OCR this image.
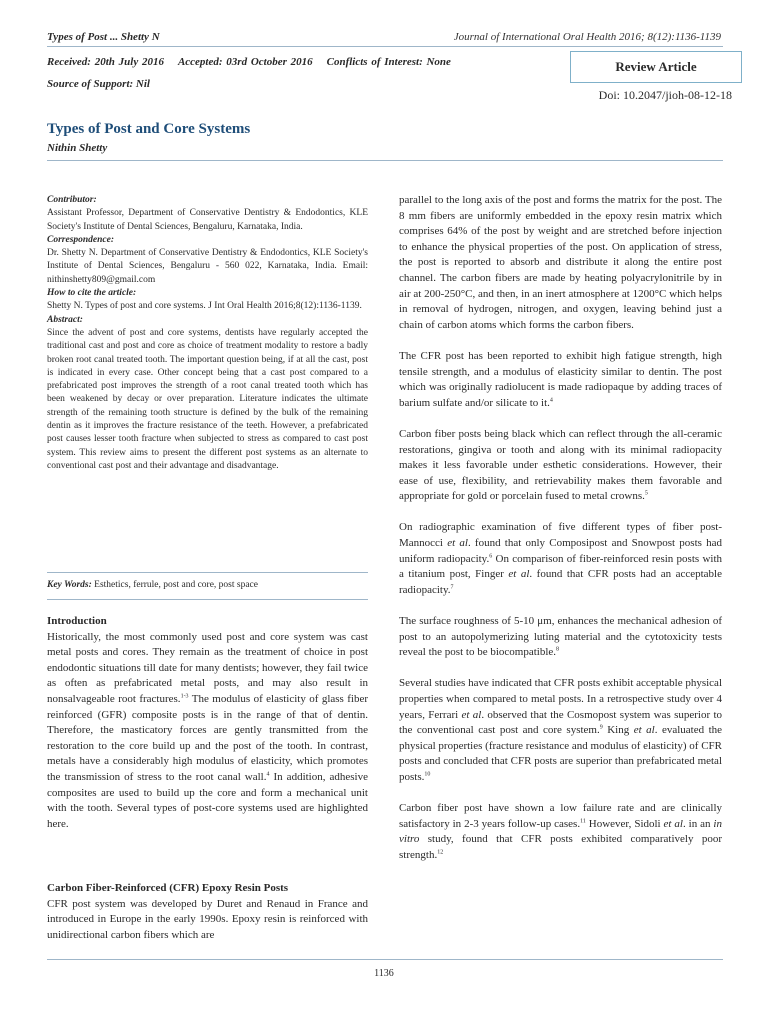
Types of Post ... Shetty N	Journal of International Oral Health 2016; 8(12):1136-1139
Received: 20th July 2016 Accepted: 03rd October 2016 Conflicts of Interest: None
Source of Support: Nil
Review Article
Doi: 10.2047/jioh-08-12-18
Types of Post and Core Systems
Nithin Shetty

Contributor:

Assistant Professor, Department of Conservative Dentistry & Endodontics, KLE Society's Institute of Dental Sciences, Bengaluru, Karnataka, India.

Correspondence:

Dr. Shetty N. Department of Conservative Dentistry & Endodontics, KLE Society's Institute of Dental Sciences, Bengaluru - 560 022, Karnataka, India. Email: nithinshetty809@gmail.com

How to cite the article:

Shetty N. Types of post and core systems. J Int Oral Health 2016;8(12):1136-1139.

Abstract:

Since the advent of post and core systems, dentists have regularly accepted the traditional cast and post and core as choice of treatment modality to restore a badly broken root canal treated tooth. The important question being, if at all the cast, post is indicated in every case. Other concept being that a cast post compared to a prefabricated post improves the strength of a root canal treated tooth which has been weakened by decay or over preparation. Literature indicates the ultimate strength of the remaining tooth structure is defined by the bulk of the remaining dentin as it improves the fracture resistance of the teeth. However, a prefabricated post causes lesser tooth fracture when subjected to stress as compared to cast post system. This review aims to present the different post systems as an alternate to conventional cast post and their advantage and disadvantage.

Key Words: Esthetics, ferrule, post and core, post space
Introduction

Historically, the most commonly used post and core system was cast metal posts and cores. They remain as the treatment of choice in post endodontic situations till date for many dentists; however, they fail twice as often as prefabricated metal posts, and may also result in nonsalvageable root fractures.$^{1-3}$ The modulus of elasticity of glass fiber reinforced (GFR) composite posts is in the range of that of dentin. Therefore, the masticatory forces are gently transmitted from the restoration to the core build up and the post of the tooth. In contrast, metals have a considerably high modulus of elasticity, which promotes the transmission of stress to the root canal wall.$^4$ In addition, adhesive composites are used to build up the core and form a mechanical unit with the tooth. Several types of post-core systems used are highlighted here.

Carbon Fiber-Reinforced (CFR) Epoxy Resin Posts

CFR post system was developed by Duret and Renaud in France and introduced in Europe in the early 1990s. Epoxy resin is reinforced with unidirectional carbon fibers which are

parallel to the long axis of the post and forms the matrix for the post. The 8 mm fibers are uniformly embedded in the epoxy resin matrix which comprises 64% of the post by weight and are stretched before injection to enhance the physical properties of the post. On application of stress, the post is reported to absorb and distribute it along the entire post channel. The carbon fibers are made by heating polyacrylonitrile by in air at 200-250°C, and then, in an inert atmosphere at 1200°C which helps in removal of hydrogen, nitrogen, and oxygen, leaving behind just a chain of carbon atoms which forms the carbon fibers.

The CFR post has been reported to exhibit high fatigue strength, high tensile strength, and a modulus of elasticity similar to dentin. The post which was originally radiolucent is made radiopaque by adding traces of barium sulfate and/or silicate to it.$^4$

Carbon fiber posts being black which can reflect through the all-ceramic restorations, gingiva or tooth and along with its minimal radiopacity makes it less favorable under esthetic considerations. However, their ease of use, flexibility, and retrievability makes them favorable and appropriate for gold or porcelain fused to metal crowns.$^5$

On radiographic examination of five different types of fiber post-Mannocci et al. found that only Composipost and Snowpost posts had uniform radiopacity.$^6$ On comparison of fiber-reinforced resin posts with a titanium post, Finger et al. found that CFR posts had an acceptable radiopacity.$^7$

The surface roughness of 5-10 μm, enhances the mechanical adhesion of post to an autopolymerizing luting material and the cytotoxicity tests reveal the post to be biocompatible.$^8$

Several studies have indicated that CFR posts exhibit acceptable physical properties when compared to metal posts. In a retrospective study over 4 years, Ferrari et al. observed that the Cosmopost system was superior to the conventional cast post and core system.$^9$ King et al. evaluated the physical properties (fracture resistance and modulus of elasticity) of CFR posts and concluded that CFR posts are superior than prefabricated metal posts.$^{10}$

Carbon fiber post have shown a low failure rate and are clinically satisfactory in 2-3 years follow-up cases.$^{11}$ However, Sidoli et al. in an in vitro study, found that CFR posts exhibited comparatively poor strength.$^{12}$

1136
